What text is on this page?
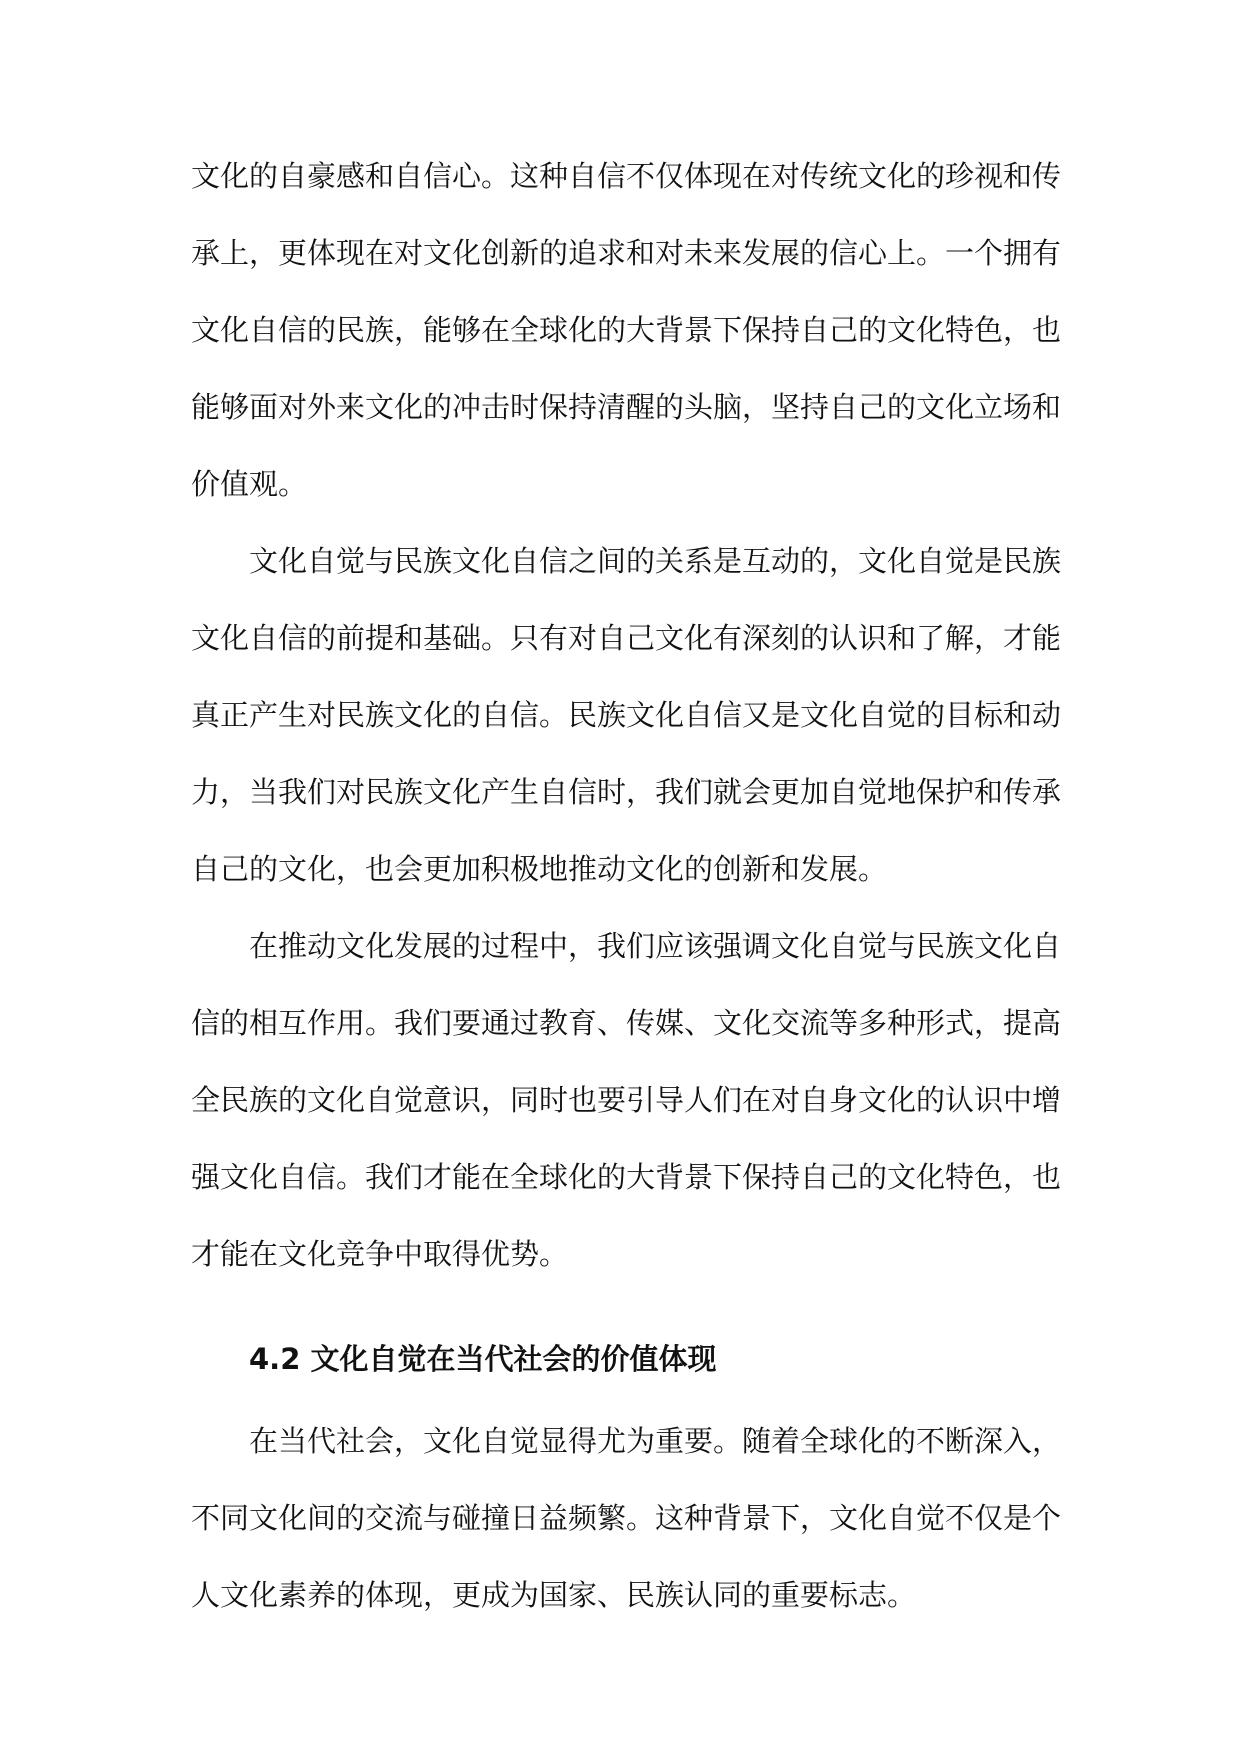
文化的自豪感和自信心。这种自信不仅体现在对传统文化的珍视和传
承上，更体现在对文化创新的追求和对未来发展的信心上。一个拥有
文化自信的民族，能够在全球化的大背景下保持自己的文化特色，也
能够面对外来文化的冲击时保持清醒的头脑，坚持自己的文化立场和
价值观。
文化自觉与民族文化自信之间的关系是互动的，文化自觉是民族
文化自信的前提和基础。只有对自己文化有深刻的认识和了解，才能
真正产生对民族文化的自信。民族文化自信又是文化自觉的目标和动
力，当我们对民族文化产生自信时，我们就会更加自觉地保护和传承
自己的文化，也会更加积极地推动文化的创新和发展。
在推动文化发展的过程中，我们应该强调文化自觉与民族文化自
信的相互作用。我们要通过教育、传媒、文化交流等多种形式，提高
全民族的文化自觉意识，同时也要引导人们在对自身文化的认识中增
强文化自信。我们才能在全球化的大背景下保持自己的文化特色，也
才能在文化竞争中取得优势。
4.2 文化自觉在当代社会的价值体现
在当代社会，文化自觉显得尤为重要。随着全球化的不断深入，
不同文化间的交流与碰撞日益频繁。这种背景下，文化自觉不仅是个
人文化素养的体现，更成为国家、民族认同的重要标志。
